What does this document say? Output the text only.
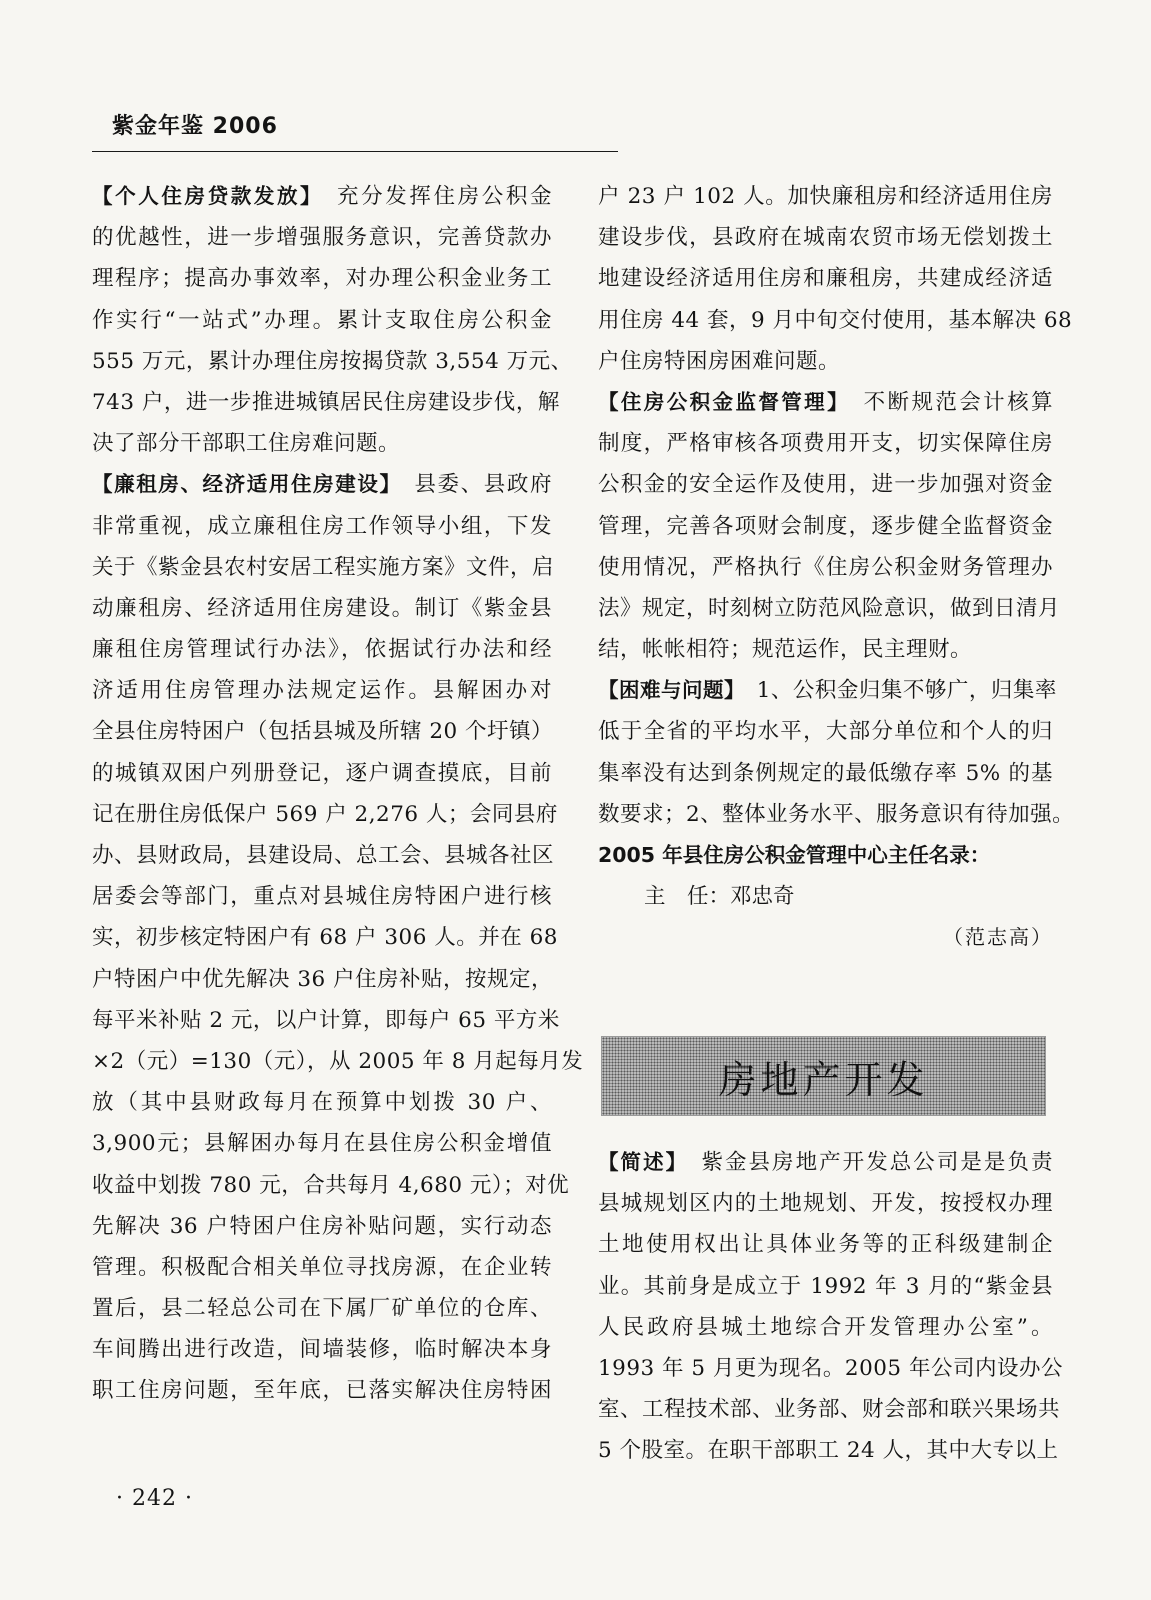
紫金年鉴 2006
【个人住房贷款发放】　充分发挥住房公积金
的优越性，进一步增强服务意识，完善贷款办
理程序；提高办事效率，对办理公积金业务工
作实行“一站式”办理。累计支取住房公积金
555 万元，累计办理住房按揭贷款 3,554 万元、
743 户，进一步推进城镇居民住房建设步伐，解
决了部分干部职工住房难问题。
【廉租房、经济适用住房建设】　县委、县政府
非常重视，成立廉租住房工作领导小组，下发
关于《紫金县农村安居工程实施方案》文件，启
动廉租房、经济适用住房建设。制订《紫金县
廉租住房管理试行办法》，依据试行办法和经
济适用住房管理办法规定运作。县解困办对
全县住房特困户（包括县城及所辖 20 个圩镇）
的城镇双困户列册登记，逐户调查摸底，目前
记在册住房低保户 569 户 2,276 人；会同县府
办、县财政局，县建设局、总工会、县城各社区
居委会等部门，重点对县城住房特困户进行核
实，初步核定特困户有 68 户 306 人。并在 68
户特困户中优先解决 36 户住房补贴，按规定，
每平米补贴 2 元，以户计算，即每户 65 平方米
×2（元）=130（元），从 2005 年 8 月起每月发
放（其中县财政每月在预算中划拨 30 户、
3,900元；县解困办每月在县住房公积金增值
收益中划拨 780 元，合共每月 4,680 元）；对优
先解决 36 户特困户住房补贴问题，实行动态
管理。积极配合相关单位寻找房源，在企业转
置后，县二轻总公司在下属厂矿单位的仓库、
车间腾出进行改造，间墙装修，临时解决本身
职工住房问题，至年底，已落实解决住房特困
户 23 户 102 人。加快廉租房和经济适用住房
建设步伐，县政府在城南农贸市场无偿划拨土
地建设经济适用住房和廉租房，共建成经济适
用住房 44 套，9 月中旬交付使用，基本解决 68
户住房特困房困难问题。
【住房公积金监督管理】　不断规范会计核算
制度，严格审核各项费用开支，切实保障住房
公积金的安全运作及使用，进一步加强对资金
管理，完善各项财会制度，逐步健全监督资金
使用情况，严格执行《住房公积金财务管理办
法》规定，时刻树立防范风险意识，做到日清月
结，帐帐相符；规范运作，民主理财。
【困难与问题】　1、公积金归集不够广，归集率
低于全省的平均水平，大部分单位和个人的归
集率没有达到条例规定的最低缴存率 5% 的基
数要求；2、整体业务水平、服务意识有待加强。
2005 年县住房公积金管理中心主任名录：
主　任：邓忠奇
（范志高）
房地产开发
【简述】　紫金县房地产开发总公司是是负责
县城规划区内的土地规划、开发，按授权办理
土地使用权出让具体业务等的正科级建制企
业。其前身是成立于 1992 年 3 月的“紫金县
人民政府县城土地综合开发管理办公室”。
1993 年 5 月更为现名。2005 年公司内设办公
室、工程技术部、业务部、财会部和联兴果场共
5 个股室。在职干部职工 24 人，其中大专以上
· 242 ·
